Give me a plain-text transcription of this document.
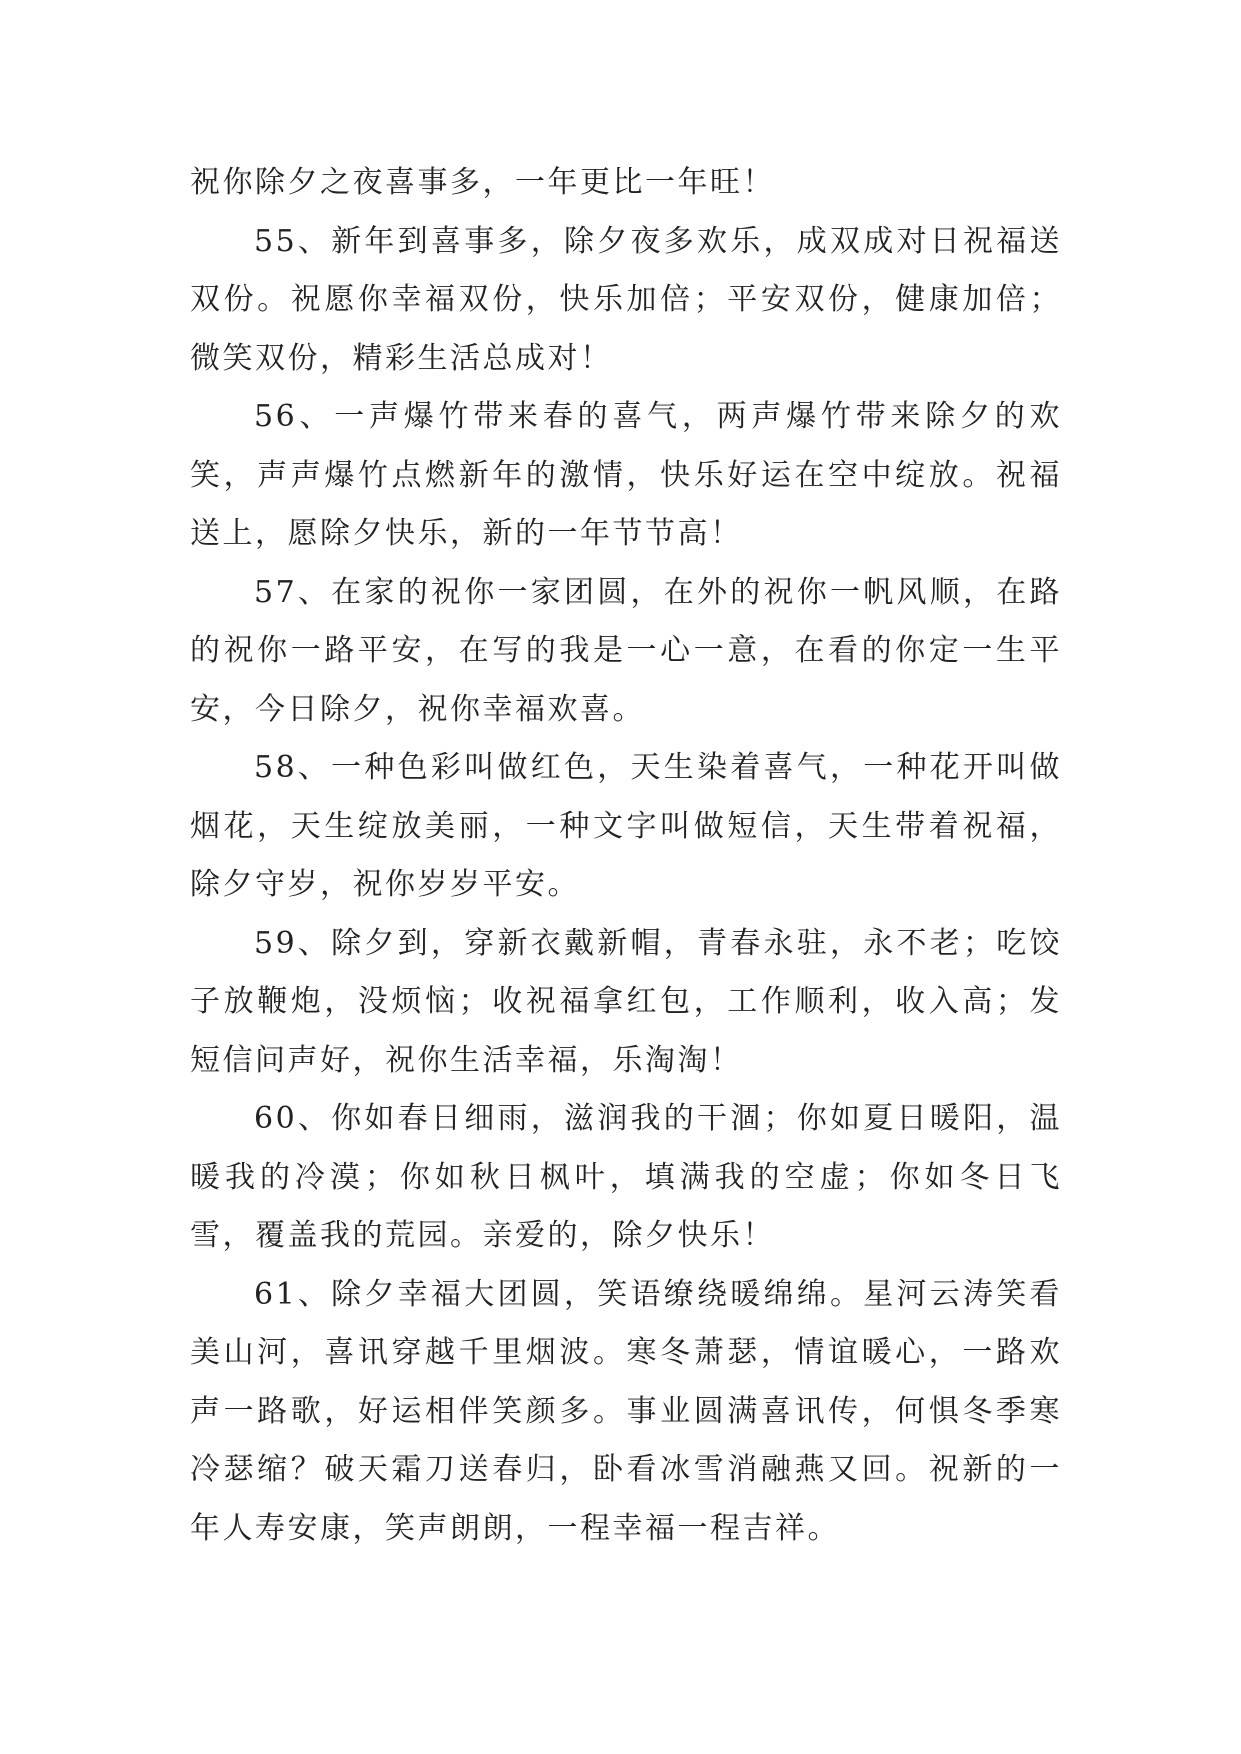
祝你除夕之夜喜事多，一年更比一年旺！

55、新年到喜事多，除夕夜多欢乐，成双成对日祝福送双份。祝愿你幸福双份，快乐加倍；平安双份，健康加倍；微笑双份，精彩生活总成对！

56、一声爆竹带来春的喜气，两声爆竹带来除夕的欢笑，声声爆竹点燃新年的激情，快乐好运在空中绽放。祝福送上，愿除夕快乐，新的一年节节高！

57、在家的祝你一家团圆，在外的祝你一帆风顺，在路的祝你一路平安，在写的我是一心一意，在看的你定一生平安，今日除夕，祝你幸福欢喜。

58、一种色彩叫做红色，天生染着喜气，一种花开叫做烟花，天生绽放美丽，一种文字叫做短信，天生带着祝福，除夕守岁，祝你岁岁平安。

59、除夕到，穿新衣戴新帽，青春永驻，永不老；吃饺子放鞭炮，没烦恼；收祝福拿红包，工作顺利，收入高；发短信问声好，祝你生活幸福，乐淘淘！

60、你如春日细雨，滋润我的干涸；你如夏日暖阳，温暖我的冷漠；你如秋日枫叶，填满我的空虚；你如冬日飞雪，覆盖我的荒园。亲爱的，除夕快乐！

61、除夕幸福大团圆，笑语缭绕暖绵绵。星河云涛笑看美山河，喜讯穿越千里烟波。寒冬萧瑟，情谊暖心，一路欢声一路歌，好运相伴笑颜多。事业圆满喜讯传，何惧冬季寒冷瑟缩？破天霜刀送春归，卧看冰雪消融燕又回。祝新的一年人寿安康，笑声朗朗，一程幸福一程吉祥。
